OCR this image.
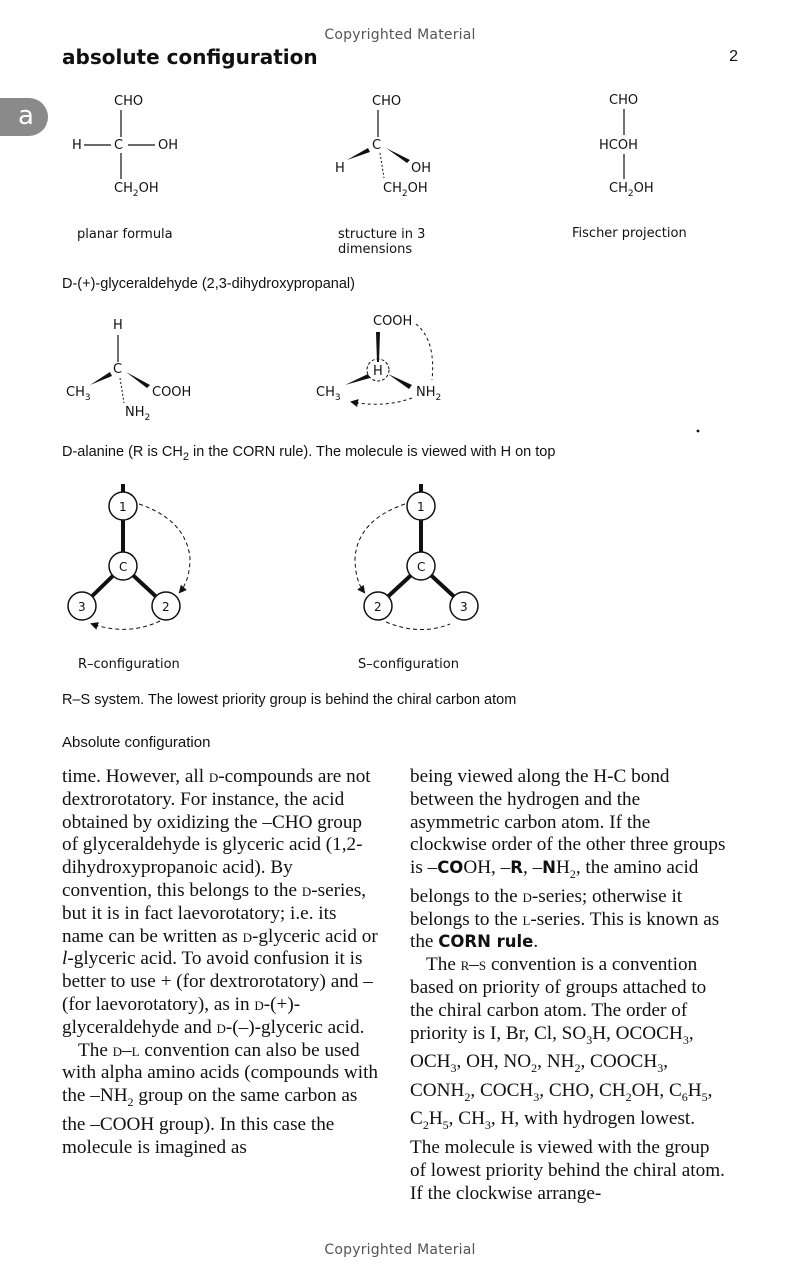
Copyrighted Material
absolute configuration	2
a	CHO
H C	OH
$CH_2OH$
planar formula
CHO
C
H	OH
$CH_2OH$
structure in 3
dimensions
CHO
HCOH
$CH_2OH$
Fischer projection
D-(+)-glyceraldehyde (2,3-dihydroxypropanal)
H
C
$CH_3$	COOH
$NH_2$
COOH
H
$CH_3$	$NH_2$
D-alanine (R is $CH_2$ in the CORN rule). The molecule is viewed with H on top
1
C
3	2
R–configuration
1
C
2	3
S–configuration
R–S system. The lowest priority group is behind the chiral carbon atom
Absolute configuration

time. However, all d-compounds are not dextrorotatory. For instance, the acid obtained by oxidizing the –CHO group of glyceraldehyde is glyceric acid (1,2-dihydroxypropanoic acid). By convention, this belongs to the d-series, but it is in fact laevorotatory; i.e. its name can be written as d-glyceric acid or l-glyceric acid. To avoid confusion it is better to use + (for dextrorotatory) and – (for laevorotatory), as in d-(+)-glyceraldehyde and d-(–)-glyceric acid.

The d–l convention can also be used with alpha amino acids (compounds with the $-NH_2$ group on the same carbon as the –COOH group). In this case the molecule is imagined as

being viewed along the H-C bond between the hydrogen and the asymmetric carbon atom. If the clockwise order of the other three groups is –COOH, –R, $-NH_2$, the amino acid belongs to the d-series; otherwise it belongs to the l-series. This is known as the CORN rule.

The r–s convention is a convention based on priority of groups attached to the chiral carbon atom. The order of priority is I, Br, Cl, $SO_3H$, $OCOCH_3$, $OCH_3$, OH, $NO_2$, $NH_2$, $COOCH_3$, $CONH_2$, $COCH_3$, CHO, $CH_2OH$, $C_6H_5$, $C_2H_5$, $CH_3$, H, with hydrogen lowest. The molecule is viewed with the group of lowest priority behind the chiral atom. If the clockwise arrange-

Copyrighted Material
